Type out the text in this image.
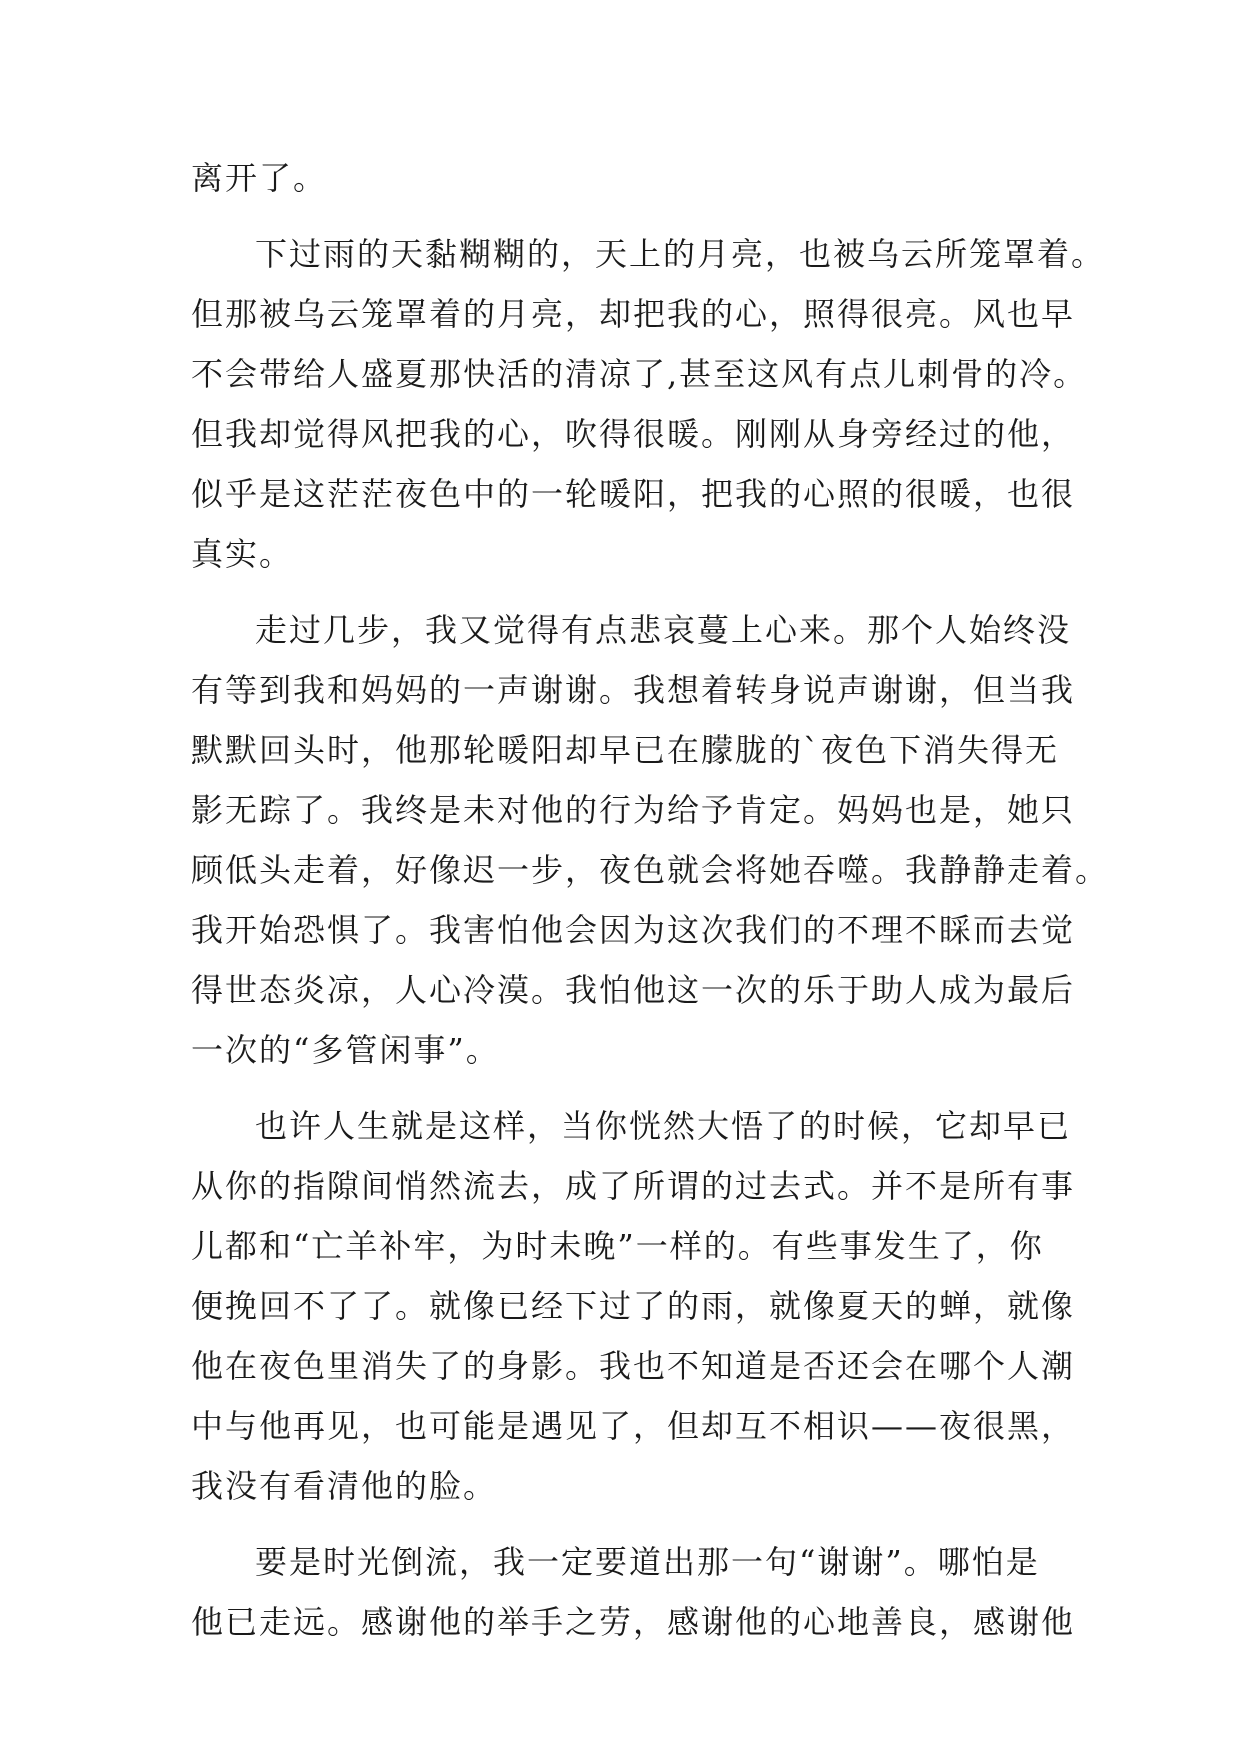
离开了。
下过雨的天黏糊糊的，天上的月亮，也被乌云所笼罩着。
但那被乌云笼罩着的月亮，却把我的心，照得很亮。风也早
不会带给人盛夏那快活的清凉了,甚至这风有点儿刺骨的冷。
但我却觉得风把我的心，吹得很暖。刚刚从身旁经过的他，
似乎是这茫茫夜色中的一轮暖阳，把我的心照的很暖，也很
真实。
走过几步，我又觉得有点悲哀蔓上心来。那个人始终没
有等到我和妈妈的一声谢谢。我想着转身说声谢谢，但当我
默默回头时，他那轮暖阳却早已在朦胧的`夜色下消失得无
影无踪了。我终是未对他的行为给予肯定。妈妈也是，她只
顾低头走着，好像迟一步，夜色就会将她吞噬。我静静走着。
我开始恐惧了。我害怕他会因为这次我们的不理不睬而去觉
得世态炎凉，人心冷漠。我怕他这一次的乐于助人成为最后
一次的“多管闲事”。
也许人生就是这样，当你恍然大悟了的时候，它却早已
从你的指隙间悄然流去，成了所谓的过去式。并不是所有事
儿都和“亡羊补牢，为时未晚”一样的。有些事发生了，你
便挽回不了了。就像已经下过了的雨，就像夏天的蝉，就像
他在夜色里消失了的身影。我也不知道是否还会在哪个人潮
中与他再见，也可能是遇见了，但却互不相识——夜很黑，
我没有看清他的脸。
要是时光倒流，我一定要道出那一句“谢谢”。哪怕是
他已走远。感谢他的举手之劳，感谢他的心地善良，感谢他
